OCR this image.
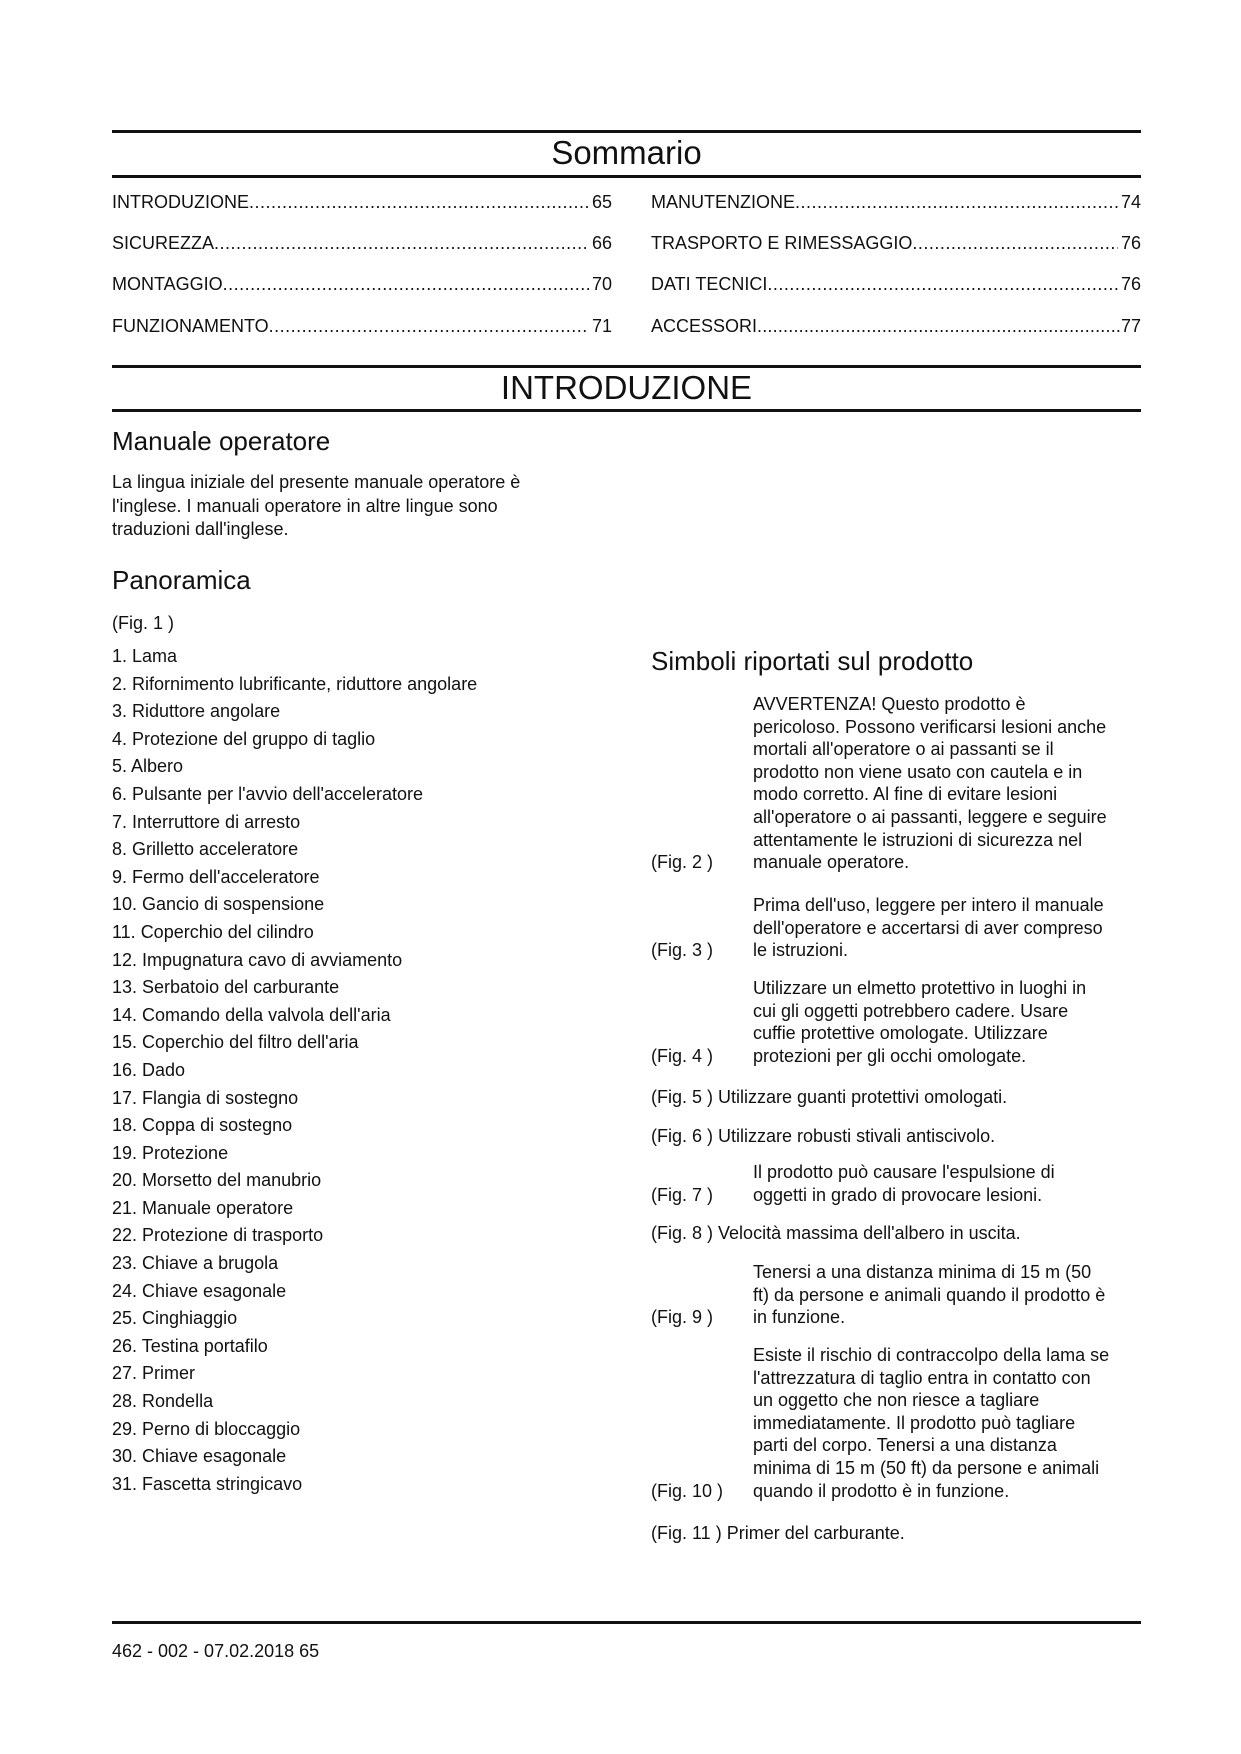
Sommario
INTRODUZIONE .....	65
SICUREZZA .....	66
MONTAGGIO .....	70
FUNZIONAMENTO .....	71
MANUTENZIONE .....	74
TRASPORTO E RIMESSAGGIO .....	76
DATI TECNICI .....	76
ACCESSORI .....	77
INTRODUZIONE
Manuale operatore
La lingua iniziale del presente manuale operatore è
l'inglese. I manuali operatore in altre lingue sono
traduzioni dall'inglese.
Panoramica
(Fig. 1 )
1. Lama
2. Rifornimento lubrificante, riduttore angolare
3. Riduttore angolare
4. Protezione del gruppo di taglio
5. Albero
6. Pulsante per l'avvio dell'acceleratore
7. Interruttore di arresto
8. Grilletto acceleratore
9. Fermo dell'acceleratore
10. Gancio di sospensione
11. Coperchio del cilindro
12. Impugnatura cavo di avviamento
13. Serbatoio del carburante
14. Comando della valvola dell'aria
15. Coperchio del filtro dell'aria
16. Dado
17. Flangia di sostegno
18. Coppa di sostegno
19. Protezione
20. Morsetto del manubrio
21. Manuale operatore
22. Protezione di trasporto
23. Chiave a brugola
24. Chiave esagonale
25. Cinghiaggio
26. Testina portafilo
27. Primer
28. Rondella
29. Perno di bloccaggio
30. Chiave esagonale
31. Fascetta stringicavo
Simboli riportati sul prodotto
(Fig. 2 )
AVVERTENZA! Questo prodotto è
pericoloso. Possono verificarsi lesioni anche
mortali all'operatore o ai passanti se il
prodotto non viene usato con cautela e in
modo corretto. Al fine di evitare lesioni
all'operatore o ai passanti, leggere e seguire
attentamente le istruzioni di sicurezza nel
manuale operatore.
(Fig. 3 )
Prima dell'uso, leggere per intero il manuale
dell'operatore e accertarsi di aver compreso
le istruzioni.
(Fig. 4 )
Utilizzare un elmetto protettivo in luoghi in
cui gli oggetti potrebbero cadere. Usare
cuffie protettive omologate. Utilizzare
protezioni per gli occhi omologate.
(Fig. 5 ) Utilizzare guanti protettivi omologati.
(Fig. 6 ) Utilizzare robusti stivali antiscivolo.
(Fig. 7 )
Il prodotto può causare l'espulsione di
oggetti in grado di provocare lesioni.
(Fig. 8 ) Velocità massima dell'albero in uscita.
(Fig. 9 )
Tenersi a una distanza minima di 15 m (50
ft) da persone e animali quando il prodotto è
in funzione.
(Fig. 10 )
Esiste il rischio di contraccolpo della lama se
l'attrezzatura di taglio entra in contatto con
un oggetto che non riesce a tagliare
immediatamente. Il prodotto può tagliare
parti del corpo. Tenersi a una distanza
minima di 15 m (50 ft) da persone e animali
quando il prodotto è in funzione.
(Fig. 11 ) Primer del carburante.
462 - 002 - 07.02.2018 65
